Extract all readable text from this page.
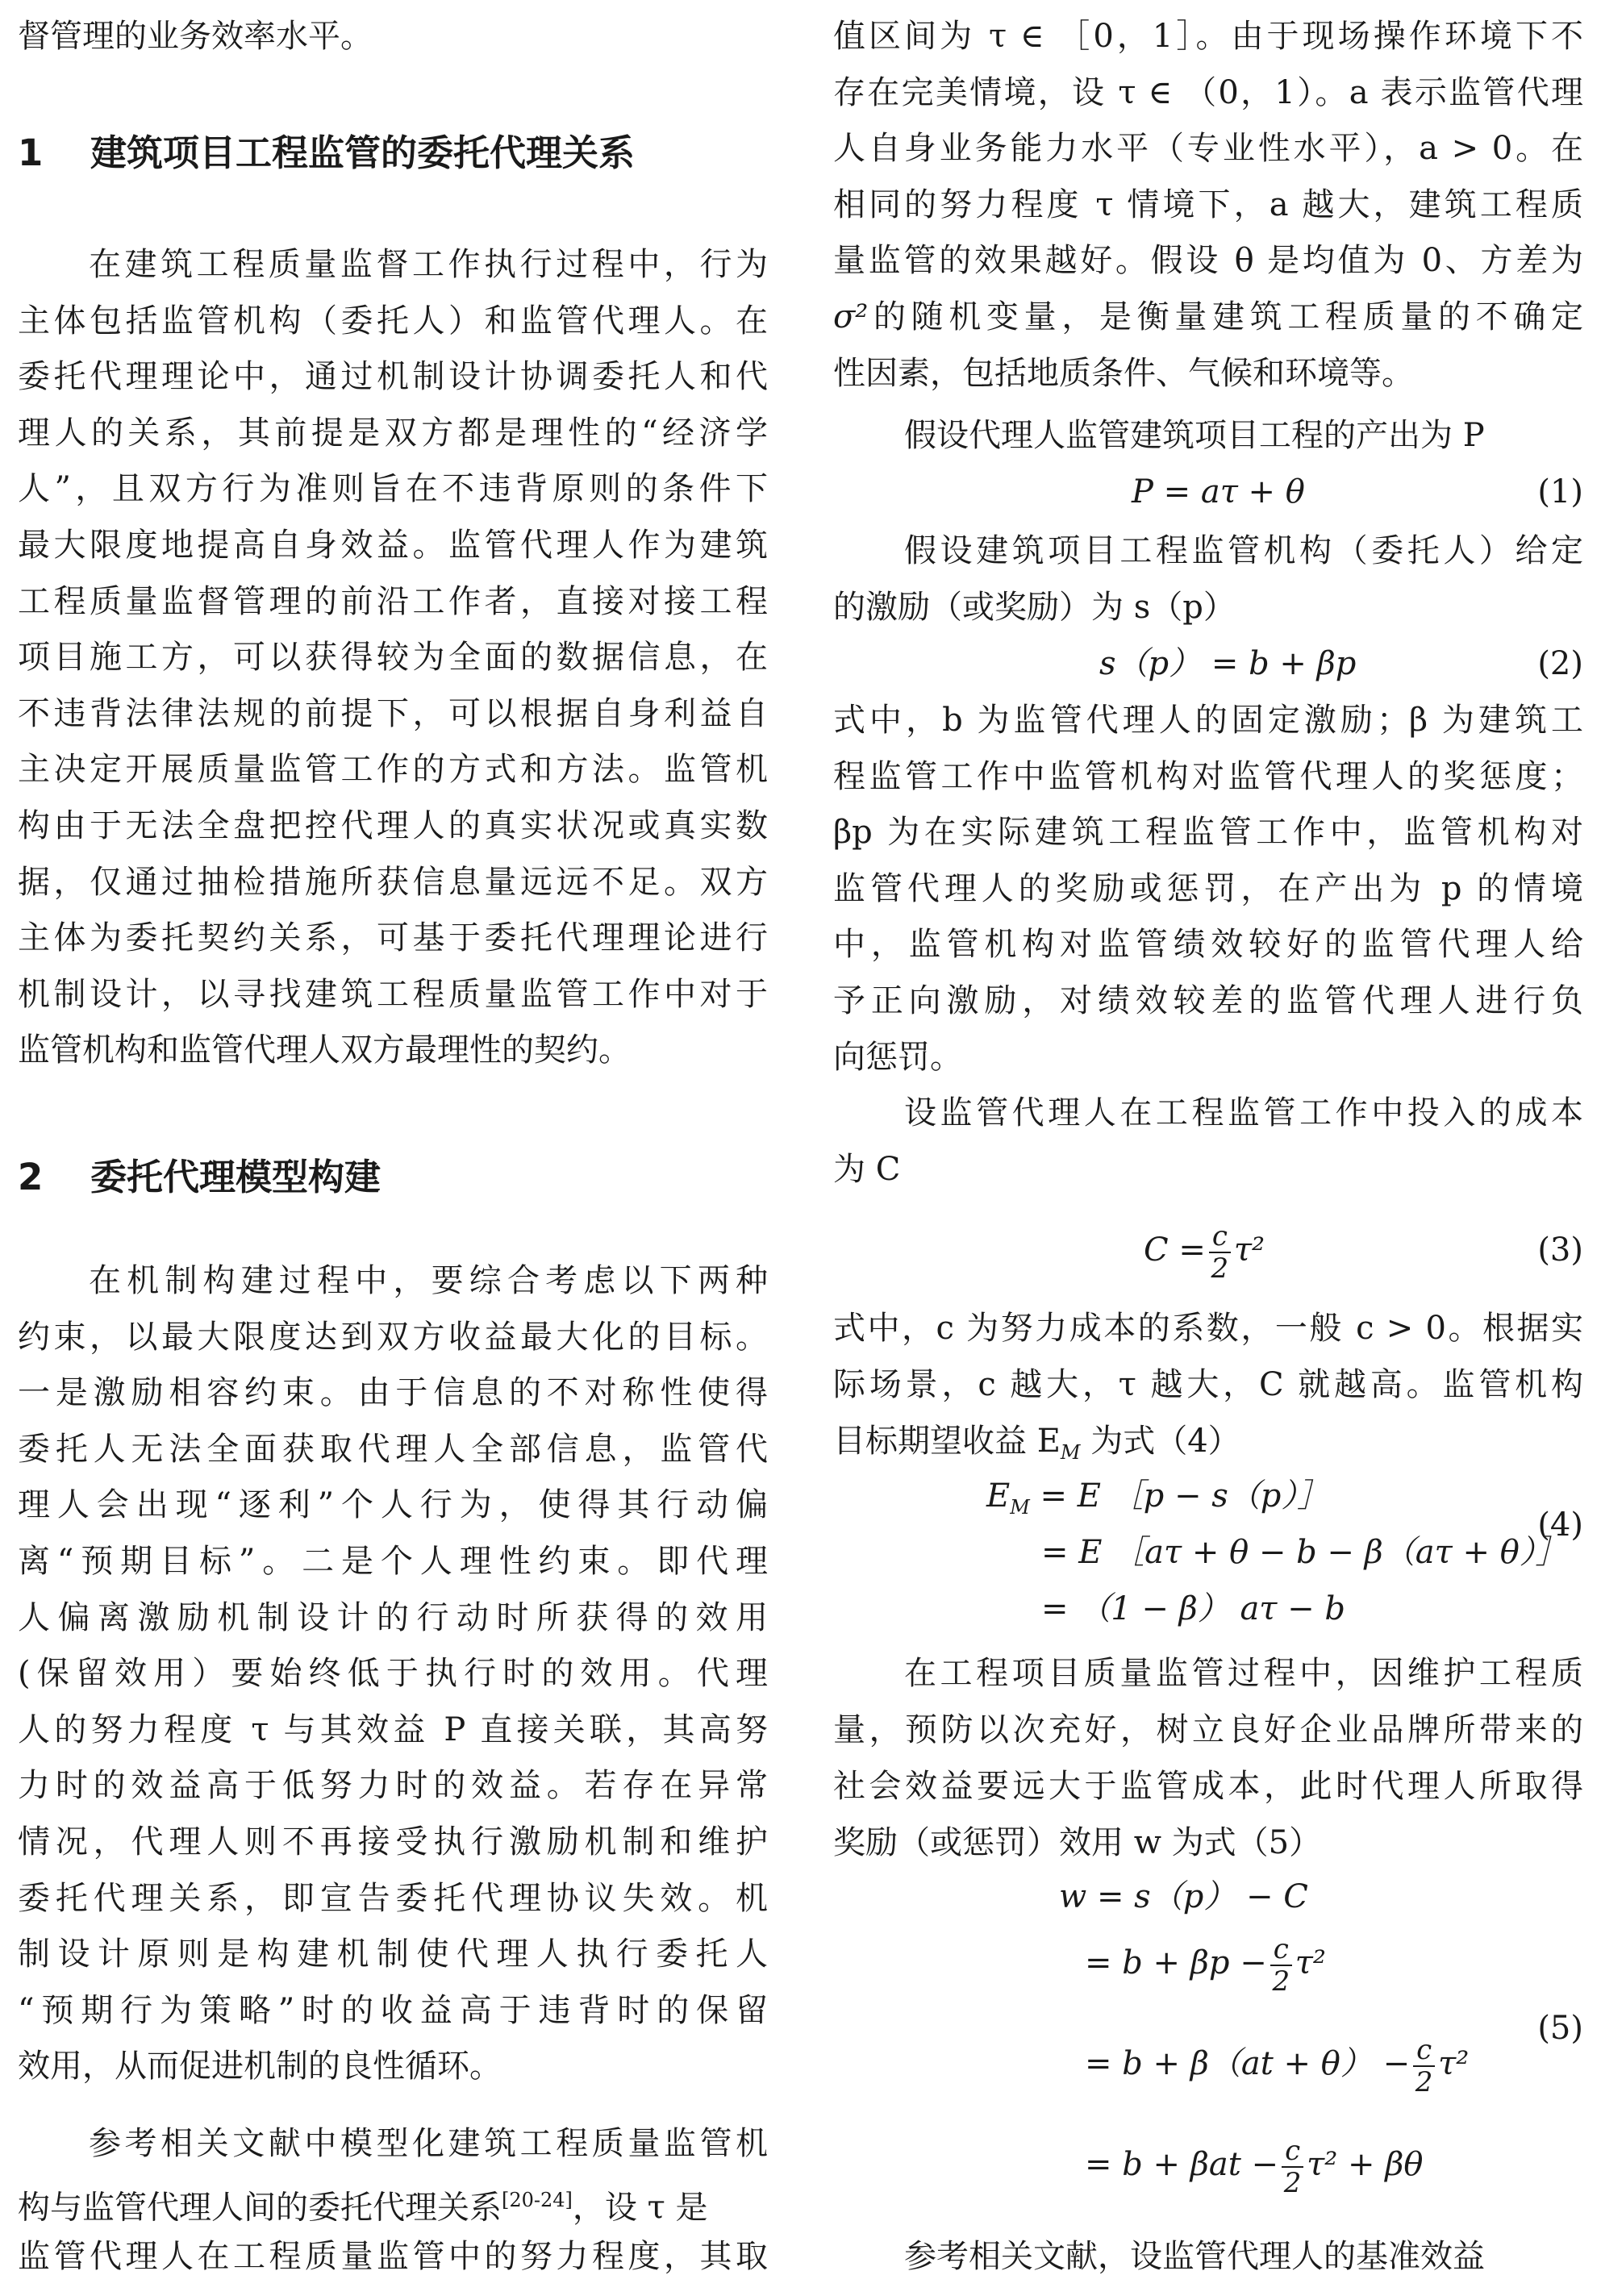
督管理的业务效率水平。
1 建筑项目工程监管的委托代理关系
在建筑工程质量监督工作执行过程中，行为
主体包括监管机构（委托人）和监管代理人。在
委托代理理论中，通过机制设计协调委托人和代
理人的关系，其前提是双方都是理性的“经济学
人”，且双方行为准则旨在不违背原则的条件下
最大限度地提高自身效益。监管代理人作为建筑
工程质量监督管理的前沿工作者，直接对接工程
项目施工方，可以获得较为全面的数据信息，在
不违背法律法规的前提下，可以根据自身利益自
主决定开展质量监管工作的方式和方法。监管机
构由于无法全盘把控代理人的真实状况或真实数
据，仅通过抽检措施所获信息量远远不足。双方
主体为委托契约关系，可基于委托代理理论进行
机制设计，以寻找建筑工程质量监管工作中对于
监管机构和监管代理人双方最理性的契约。
2 委托代理模型构建
在机制构建过程中，要综合考虑以下两种
约束，以最大限度达到双方收益最大化的目标。
一是激励相容约束。由于信息的不对称性使得
委托人无法全面获取代理人全部信息，监管代
理人会出现“逐利”个人行为，使得其行动偏
离“预期目标”。二是个人理性约束。即代理
人偏离激励机制设计的行动时所获得的效用
(保留效用）要始终低于执行时的效用。代理
人的努力程度 τ 与其效益 P 直接关联，其高努
力时的效益高于低努力时的效益。若存在异常
情况，代理人则不再接受执行激励机制和维护
委托代理关系，即宣告委托代理协议失效。机
制设计原则是构建机制使代理人执行委托人
“预期行为策略”时的收益高于违背时的保留
效用，从而促进机制的良性循环。
参考相关文献中模型化建筑工程质量监管机
构与监管代理人间的委托代理关系[20-24]，设 τ 是
监管代理人在工程质量监管中的努力程度，其取
值区间为 τ ∈ ［0，1］。由于现场操作环境下不
存在完美情境，设 τ ∈ （0，1）。a 表示监管代理
人自身业务能力水平（专业性水平），a > 0。在
相同的努力程度 τ 情境下，a 越大，建筑工程质
量监管的效果越好。假设 θ 是均值为 0、方差为
σ²的随机变量，是衡量建筑工程质量的不确定
性因素，包括地质条件、气候和环境等。
假设代理人监管建筑项目工程的产出为 P
P = aτ + θ	(1)
假设建筑项目工程监管机构（委托人）给定
的激励（或奖励）为 s（p）
s（p） = b + βp	(2)
式中，b 为监管代理人的固定激励；β 为建筑工
程监管工作中监管机构对监管代理人的奖惩度；
βp 为在实际建筑工程监管工作中，监管机构对
监管代理人的奖励或惩罚，在产出为 p 的情境
中，监管机构对监管绩效较好的监管代理人给
予正向激励，对绩效较差的监管代理人进行负
向惩罚。
设监管代理人在工程监管工作中投入的成本
为 C
$C = \frac{c}{2} \tau^2$	(3)
式中，c 为努力成本的系数，一般 c > 0。根据实
际场景，c 越大，τ 越大，C 就越高。监管机构
目标期望收益 $E_M$ 为式（4）
$E_M = E$ ［p − s（p）］
= E ［aτ + θ − b − β（aτ + θ）］
= （1 − β） aτ − b
(4)
在工程项目质量监管过程中，因维护工程质
量，预防以次充好，树立良好企业品牌所带来的
社会效益要远大于监管成本，此时代理人所取得
奖励（或惩罚）效用 w 为式（5）
w = s（p） − C
= $b + \beta p - \frac{c}{2} \tau^2$
= $b + \beta(at + \theta) - \frac{c}{2} \tau^2$
= $b + \beta at - \frac{c}{2} \tau^2 + \beta\theta$
(5)
参考相关文献，设监管代理人的基准效益
